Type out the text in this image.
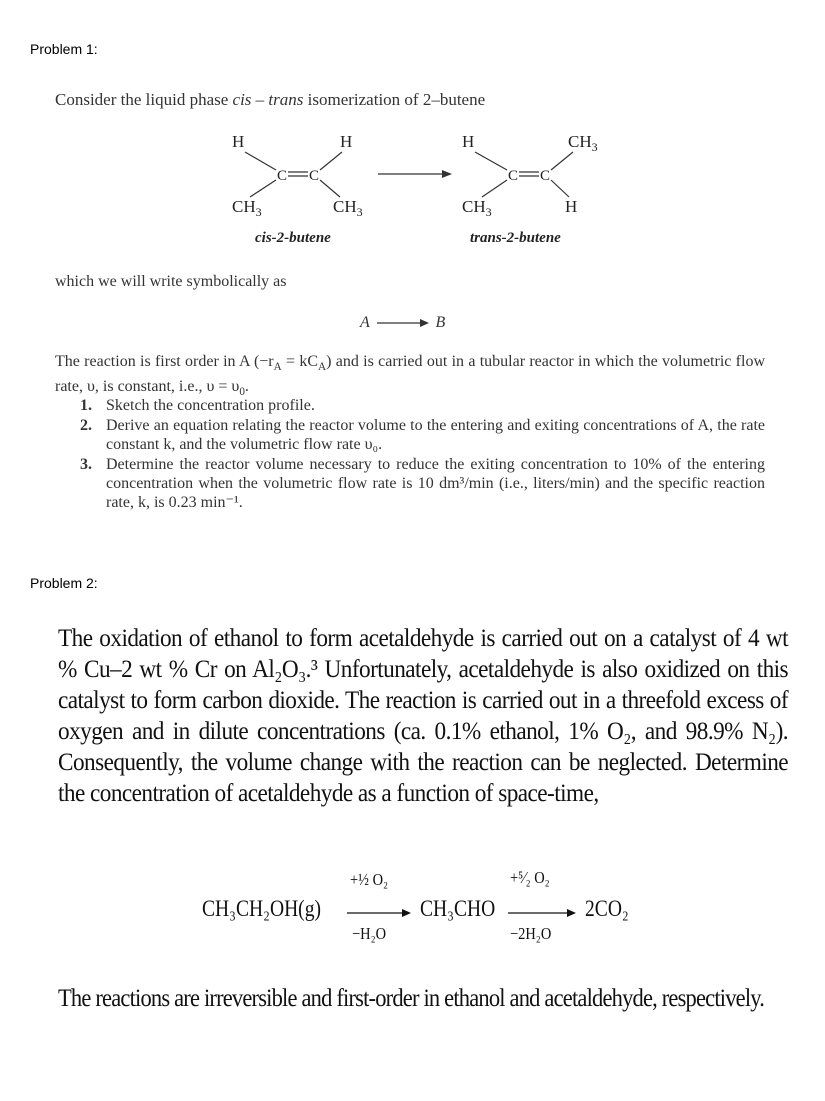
Problem 1:
Consider the liquid phase cis – trans isomerization of 2–butene
H	H
C C
$CH_3$	$CH_3$
H	$CH_3$
C C
$CH_3$	H
cis-2-butene	trans-2-butene
which we will write symbolically as
A	B
The reaction is first order in A $(-r_A = kC_A)$ and is carried out in a tubular reactor in which the volumetric flow rate, υ, is constant, i.e., $\upsilon = \upsilon_0$.
1. Sketch the concentration profile.
2. Derive an equation relating the reactor volume to the entering and exiting concentrations of A, the rate constant k, and the volumetric flow rate υ₀.
3. Determine the reactor volume necessary to reduce the exiting concentration to 10% of the entering concentration when the volumetric flow rate is 10 dm³/min (i.e., liters/min) and the specific reaction rate, k, is 0.23 min⁻¹.
Problem 2:
The oxidation of ethanol to form acetaldehyde is carried out on a catalyst of 4 wt % Cu–2 wt % Cr on Al₂O₃.³ Unfortunately, acetaldehyde is also oxidized on this catalyst to form carbon dioxide. The reaction is carried out in a threefold excess of oxygen and in dilute concentrations (ca. 0.1% ethanol, 1% O₂, and 98.9% N₂). Consequently, the volume change with the reaction can be neglected. Determine the concentration of acetaldehyde as a function of space-time,
CH₃CH₂OH(g)
+½ O₂
−H₂O
CH₃CHO
+⁵⁄₂ O₂
−2H₂O
2CO₂
The reactions are irreversible and first-order in ethanol and acetaldehyde, respectively.
